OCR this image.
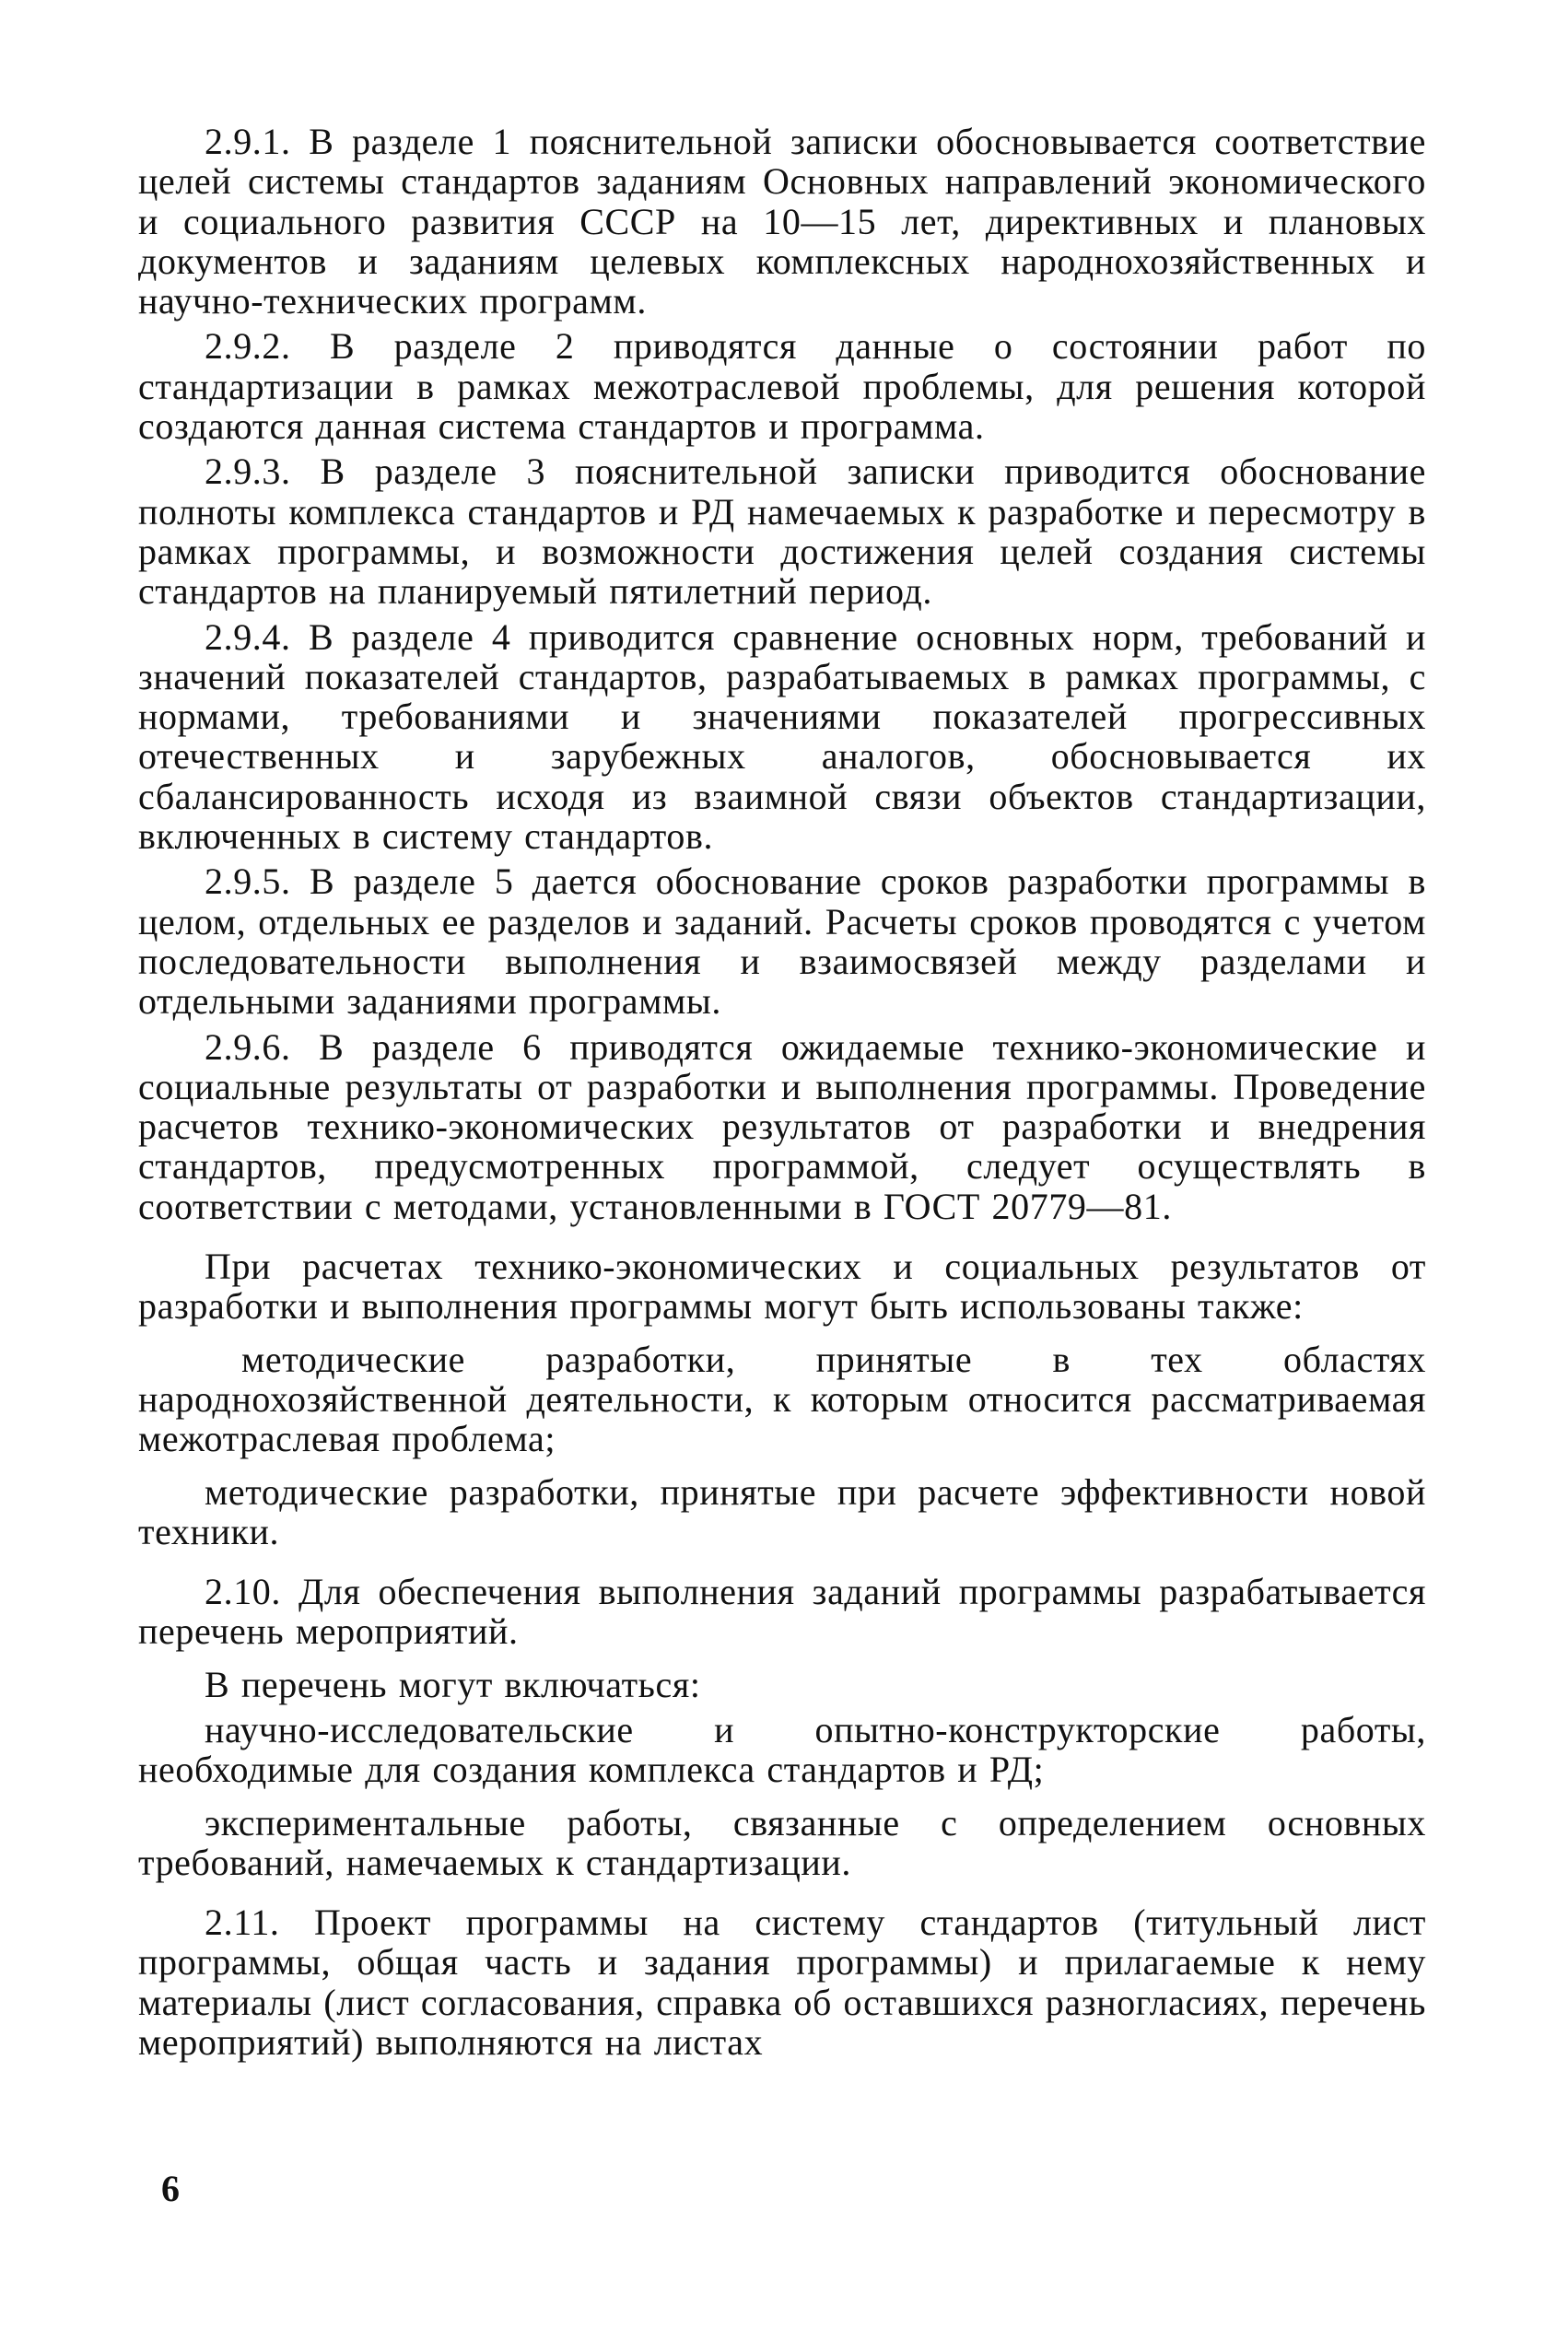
2.9.1. В разделе 1 пояснительной записки обосновывается соответствие целей системы стандартов заданиям Основных направлений экономического и социального развития СССР на 10—15 лет, директивных и плановых документов и заданиям целевых комплексных народнохозяйственных и научно-технических программ.

2.9.2. В разделе 2 приводятся данные о состоянии работ по стандартизации в рамках межотраслевой проблемы, для решения которой создаются данная система стандартов и программа.

2.9.3. В разделе 3 пояснительной записки приводится обоснование полноты комплекса стандартов и РД намечаемых к разработке и пересмотру в рамках программы, и возможности достижения целей создания системы стандартов на планируемый пятилетний период.

2.9.4. В разделе 4 приводится сравнение основных норм, требований и значений показателей стандартов, разрабатываемых в рамках программы, с нормами, требованиями и значениями показателей прогрессивных отечественных и зарубежных аналогов, обосновывается их сбалансированность исходя из взаимной связи объектов стандартизации, включенных в систему стандартов.

2.9.5. В разделе 5 дается обоснование сроков разработки программы в целом, отдельных ее разделов и заданий. Расчеты сроков проводятся с учетом последовательности выполнения и взаимосвязей между разделами и отдельными заданиями программы.

2.9.6. В разделе 6 приводятся ожидаемые технико-экономические и социальные результаты от разработки и выполнения программы. Проведение расчетов технико-экономических результатов от разработки и внедрения стандартов, предусмотренных программой, следует осуществлять в соответствии с методами, установленными в ГОСТ 20779—81.

При расчетах технико-экономических и социальных результатов от разработки и выполнения программы могут быть использованы также:

методические разработки, принятые в тех областях народнохозяйственной деятельности, к которым относится рассматриваемая межотраслевая проблема;

методические разработки, принятые при расчете эффективности новой техники.

2.10. Для обеспечения выполнения заданий программы разрабатывается перечень мероприятий.

В перечень могут включаться:

научно-исследовательские и опытно-конструкторские работы, необходимые для создания комплекса стандартов и РД;

экспериментальные работы, связанные с определением основных требований, намечаемых к стандартизации.

2.11. Проект программы на систему стандартов (титульный лист программы, общая часть и задания программы) и прилагаемые к нему материалы (лист согласования, справка об оставшихся разногласиях, перечень мероприятий) выполняются на листах

6
